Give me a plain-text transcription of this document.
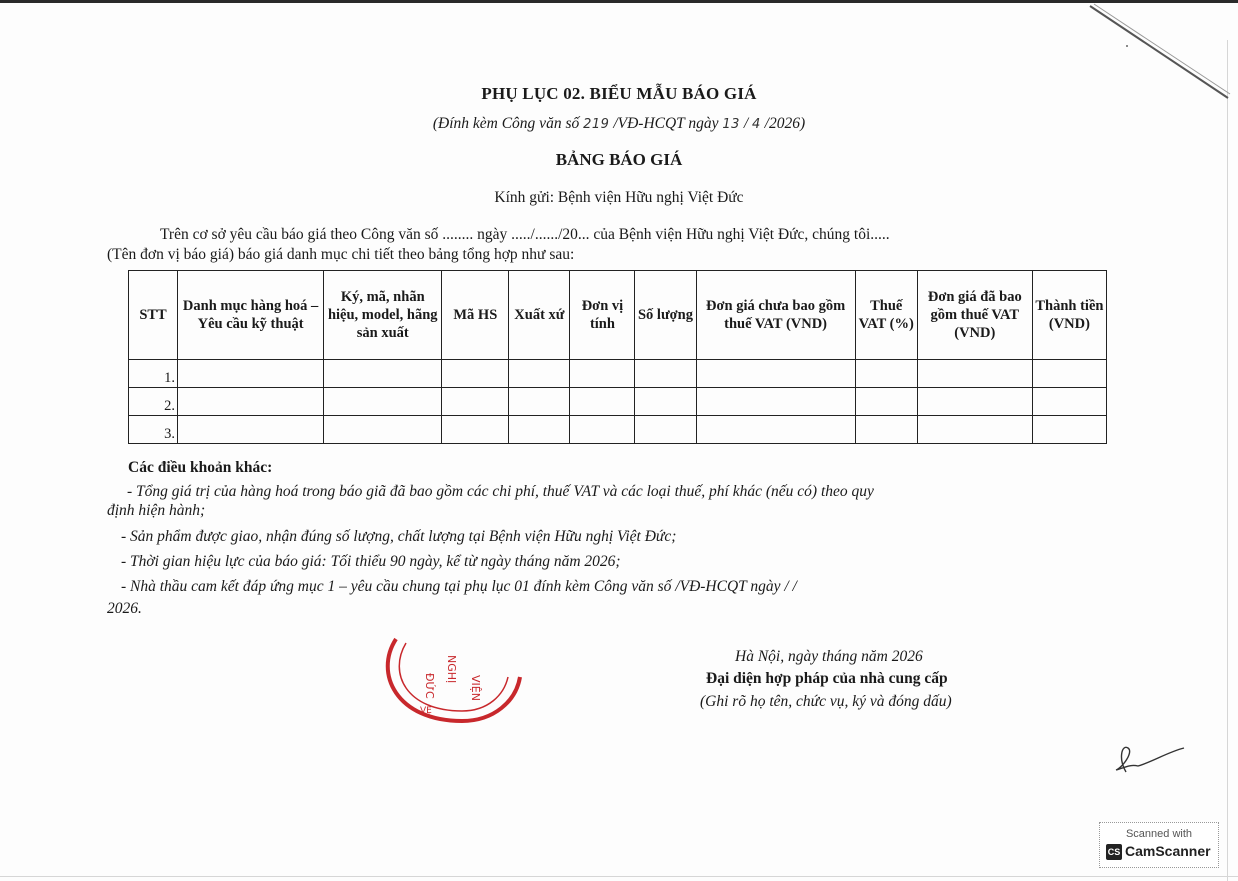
PHỤ LỤC 02. BIỂU MẪU BÁO GIÁ
(Đính kèm Công văn số 219 /VĐ-HCQT ngày 13 / 4 /2026)
BẢNG BÁO GIÁ
Kính gửi: Bệnh viện Hữu nghị Việt Đức
Trên cơ sở yêu cầu báo giá theo Công văn số ........ ngày ...../....../20... của Bệnh viện Hữu nghị Việt Đức, chúng tôi.....
(Tên đơn vị báo giá) báo giá danh mục chi tiết theo bảng tổng hợp như sau:
STT	Danh mục hàng hoá – Yêu cầu kỹ thuật	Ký, mã, nhãn hiệu, model, hãng sản xuất	Mã HS	Xuất xứ	Đơn vị tính	Số lượng	Đơn giá chưa bao gồm thuế VAT (VND)	Thuế VAT (%)	Đơn giá đã bao gồm thuế VAT (VND)	Thành tiền (VND)
1.										
2.										
3.										
Các điều khoản khác:
- Tổng giá trị của hàng hoá trong báo giã đã bao gồm các chi phí, thuế VAT và các loại thuế, phí khác (nếu có) theo quy
định hiện hành;
- Sản phẩm được giao, nhận đúng số lượng, chất lượng tại Bệnh viện Hữu nghị Việt Đức;
- Thời gian hiệu lực của báo giá: Tối thiểu 90 ngày, kể từ ngày tháng năm 2026;
- Nhà thầu cam kết đáp ứng mục 1 – yêu cầu chung tại phụ lục 01 đính kèm Công văn số /VĐ-HCQT ngày / /
2026.
ĐỨC
NGHỊ
VIỆN
VỆ
Hà Nội, ngày tháng năm 2026
Đại diện hợp pháp của nhà cung cấp
(Ghi rõ họ tên, chức vụ, ký và đóng dấu)
Scanned with
CS CamScanner
